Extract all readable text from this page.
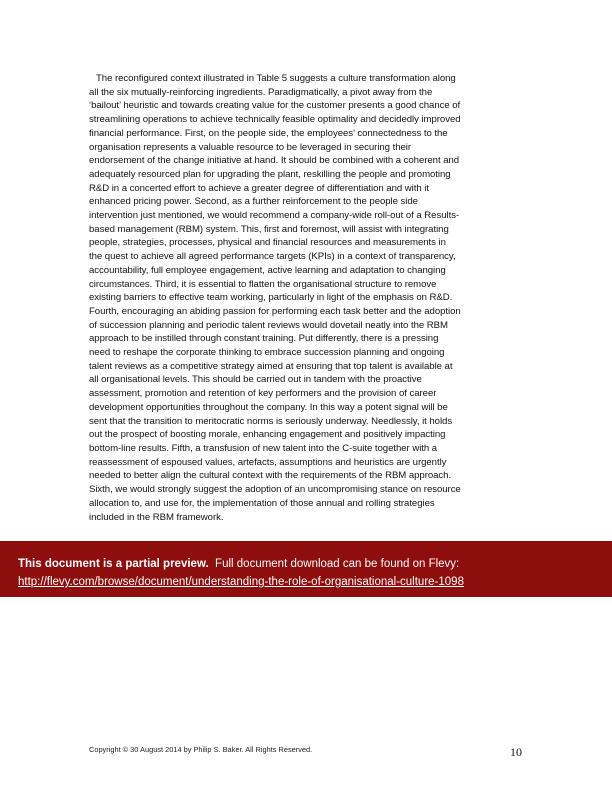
The reconfigured context illustrated in Table 5 suggests a culture transformation along
all the six mutually-reinforcing ingredients. Paradigmatically, a pivot away from the
‘bailout’ heuristic and towards creating value for the customer presents a good chance of
streamlining operations to achieve technically feasible optimality and decidedly improved
financial performance. First, on the people side, the employees’ connectedness to the
organisation represents a valuable resource to be leveraged in securing their
endorsement of the change initiative at hand. It should be combined with a coherent and
adequately resourced plan for upgrading the plant, reskilling the people and promoting
R&D in a concerted effort to achieve a greater degree of differentiation and with it
enhanced pricing power. Second, as a further reinforcement to the people side
intervention just mentioned, we would recommend a company-wide roll-out of a Results-
based management (RBM) system. This, first and foremost, will assist with integrating
people, strategies, processes, physical and financial resources and measurements in
the quest to achieve all agreed performance targets (KPIs) in a context of transparency,
accountability, full employee engagement, active learning and adaptation to changing
circumstances. Third, it is essential to flatten the organisational structure to remove
existing barriers to effective team working, particularly in light of the emphasis on R&D.
Fourth, encouraging an abiding passion for performing each task better and the adoption
of succession planning and periodic talent reviews would dovetail neatly into the RBM
approach to be instilled through constant training. Put differently, there is a pressing
need to reshape the corporate thinking to embrace succession planning and ongoing
talent reviews as a competitive strategy aimed at ensuring that top talent is available at
all organisational levels. This should be carried out in tandem with the proactive
assessment, promotion and retention of key performers and the provision of career
development opportunities throughout the company. In this way a potent signal will be
sent that the transition to meritocratic norms is seriously underway. Needlessly, it holds
out the prospect of boosting morale, enhancing engagement and positively impacting
bottom-line results. Fifth, a transfusion of new talent into the C-suite together with a
reassessment of espoused values, artefacts, assumptions and heuristics are urgently
needed to better align the cultural context with the requirements of the RBM approach.
Sixth, we would strongly suggest the adoption of an uncompromising stance on resource
allocation to, and use for, the implementation of those annual and rolling strategies
included in the RBM framework.
This document is a partial preview. Full document download can be found on Flevy:
http://flevy.com/browse/document/understanding-the-role-of-organisational-culture-1098
Copyright © 30 August 2014 by Philip S. Baker. All Rights Reserved.	10
